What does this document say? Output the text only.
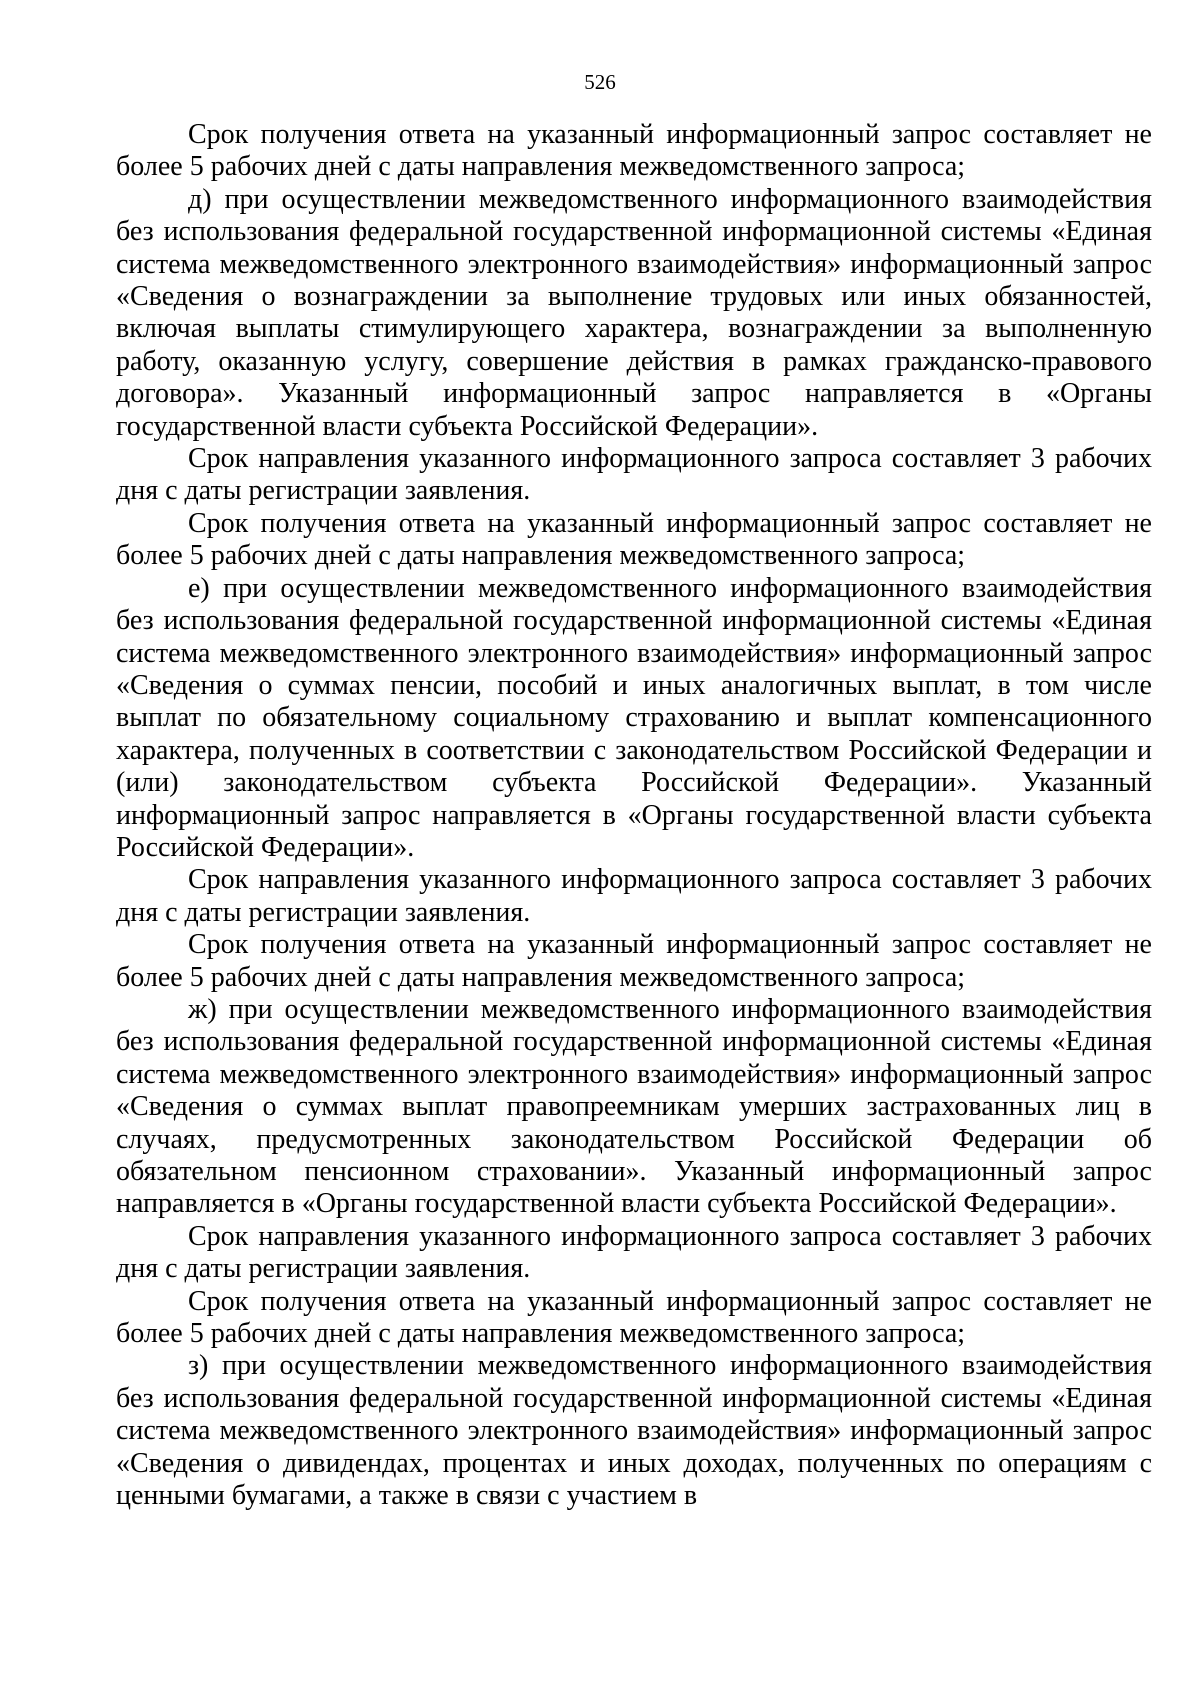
526

Срок получения ответа на указанный информационный запрос составляет не более 5 рабочих дней с даты направления межведомственного запроса;

д) при осуществлении межведомственного информационного взаимодействия без использования федеральной государственной информационной системы «Единая система межведомственного электронного взаимодействия» информационный запрос «Сведения о вознаграждении за выполнение трудовых или иных обязанностей, включая выплаты стимулирующего характера, вознаграждении за выполненную работу, оказанную услугу, совершение действия в рамках гражданско-правового договора». Указанный информационный запрос направляется в «Органы государственной власти субъекта Российской Федерации».

Срок направления указанного информационного запроса составляет 3 рабочих дня с даты регистрации заявления.

Срок получения ответа на указанный информационный запрос составляет не более 5 рабочих дней с даты направления межведомственного запроса;

е) при осуществлении межведомственного информационного взаимодействия без использования федеральной государственной информационной системы «Единая система межведомственного электронного взаимодействия» информационный запрос «Сведения о суммах пенсии, пособий и иных аналогичных выплат, в том числе выплат по обязательному социальному страхованию и выплат компенсационного характера, полученных в соответствии с законодательством Российской Федерации и (или) законодательством субъекта Российской Федерации». Указанный информационный запрос направляется в «Органы государственной власти субъекта Российской Федерации».

Срок направления указанного информационного запроса составляет 3 рабочих дня с даты регистрации заявления.

Срок получения ответа на указанный информационный запрос составляет не более 5 рабочих дней с даты направления межведомственного запроса;

ж) при осуществлении межведомственного информационного взаимодействия без использования федеральной государственной информационной системы «Единая система межведомственного электронного взаимодействия» информационный запрос «Сведения о суммах выплат правопреемникам умерших застрахованных лиц в случаях, предусмотренных законодательством Российской Федерации об обязательном пенсионном страховании». Указанный информационный запрос направляется в «Органы государственной власти субъекта Российской Федерации».

Срок направления указанного информационного запроса составляет 3 рабочих дня с даты регистрации заявления.

Срок получения ответа на указанный информационный запрос составляет не более 5 рабочих дней с даты направления межведомственного запроса;

з) при осуществлении межведомственного информационного взаимодействия без использования федеральной государственной информационной системы «Единая система межведомственного электронного взаимодействия» информационный запрос «Сведения о дивидендах, процентах и иных доходах, полученных по операциям с ценными бумагами, а также в связи с участием в
